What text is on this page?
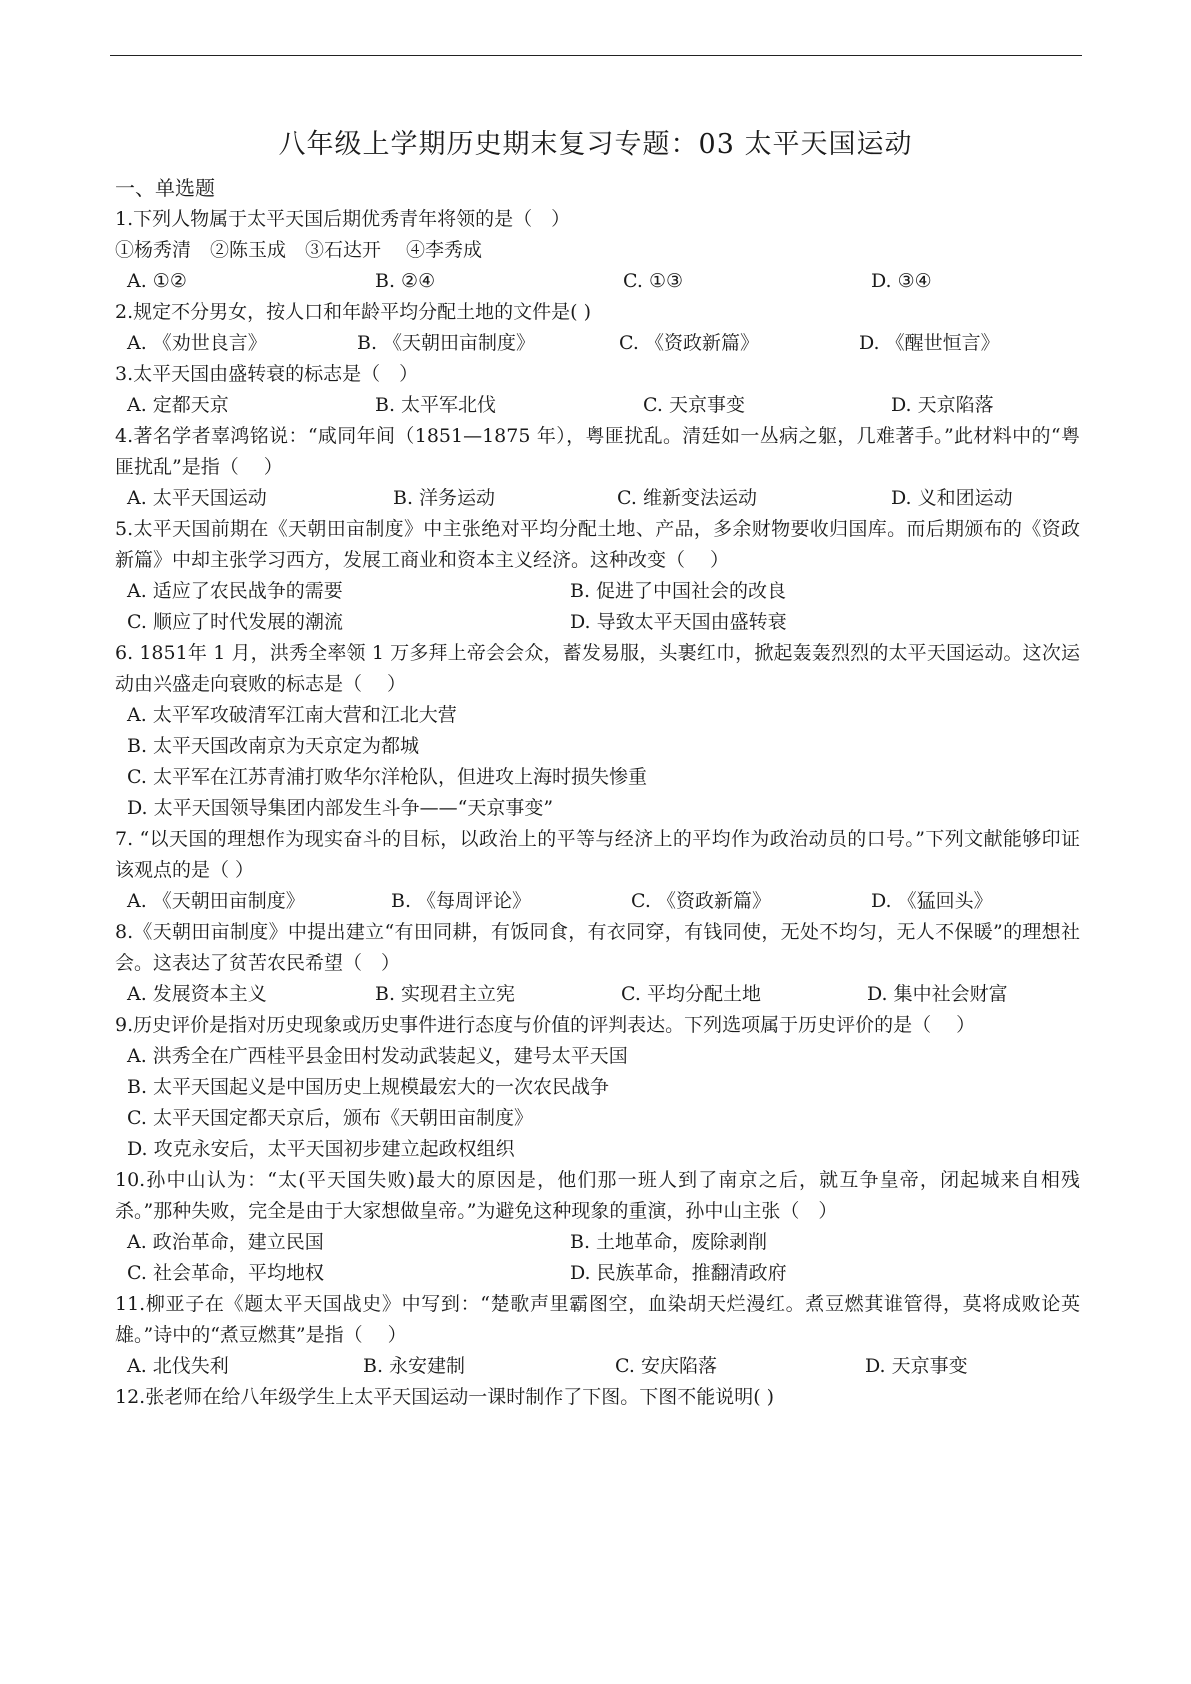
八年级上学期历史期末复习专题：03 太平天国运动
一、单选题

1.下列人物属于太平天国后期优秀青年将领的是（　）

①杨秀清　②陈玉成　③石达开　 ④李秀成

A. ①②	B. ②④	C. ①③	D. ③④

2.规定不分男女，按人口和年龄平均分配土地的文件是( )

A. 《劝世良言》	B. 《天朝田亩制度》	C. 《资政新篇》	D. 《醒世恒言》

3.太平天国由盛转衰的标志是（　）

A. 定都天京	B. 太平军北伐	C. 天京事变	D. 天京陷落

4.著名学者辜鸿铭说：“咸同年间（1851—1875 年），粤匪扰乱。清廷如一丛病之躯，几难著手。”此材料中的“粤匪扰乱”是指（　 ）

A. 太平天国运动	B. 洋务运动	C. 维新变法运动	D. 义和团运动

5.太平天国前期在《天朝田亩制度》中主张绝对平均分配土地、产品，多余财物要收归国库。而后期颁布的《资政新篇》中却主张学习西方，发展工商业和资本主义经济。这种改变（　 ）

A. 适应了农民战争的需要	B. 促进了中国社会的改良
C. 顺应了时代发展的潮流	D. 导致太平天国由盛转衰

6. 1851年 1 月，洪秀全率领 1 万多拜上帝会会众，蓄发易服，头裹红巾，掀起轰轰烈烈的太平天国运动。这次运动由兴盛走向衰败的标志是（　 ）

A. 太平军攻破清军江南大营和江北大营
B. 太平天国改南京为天京定为都城
C. 太平军在江苏青浦打败华尔洋枪队，但进攻上海时损失惨重
D. 太平天国领导集团内部发生斗争——“天京事变”

7. “以天国的理想作为现实奋斗的目标，以政治上的平等与经济上的平均作为政治动员的口号。”下列文献能够印证该观点的是（ ）

A. 《天朝田亩制度》	B. 《每周评论》	C. 《资政新篇》	D. 《猛回头》

8.《天朝田亩制度》中提出建立“有田同耕，有饭同食，有衣同穿，有钱同使，无处不均匀，无人不保暖”的理想社会。这表达了贫苦农民希望（　）

A. 发展资本主义	B. 实现君主立宪	C. 平均分配土地	D. 集中社会财富

9.历史评价是指对历史现象或历史事件进行态度与价值的评判表达。下列选项属于历史评价的是（　 ）

A. 洪秀全在广西桂平县金田村发动武装起义，建号太平天国
B. 太平天国起义是中国历史上规模最宏大的一次农民战争
C. 太平天国定都天京后，颁布《天朝田亩制度》
D. 攻克永安后，太平天国初步建立起政权组织

10.孙中山认为：“太(平天国失败)最大的原因是，他们那一班人到了南京之后，就互争皇帝，闭起城来自相残杀。”那种失败，完全是由于大家想做皇帝。”为避免这种现象的重演，孙中山主张（　）

A. 政治革命，建立民国	B. 土地革命，废除剥削
C. 社会革命，平均地权	D. 民族革命，推翻清政府

11.柳亚子在《题太平天国战史》中写到：“楚歌声里霸图空，血染胡天烂漫红。煮豆燃萁谁管得，莫将成败论英雄。”诗中的“煮豆燃萁”是指（　 ）

A. 北伐失利	B. 永安建制	C. 安庆陷落	D. 天京事变

12.张老师在给八年级学生上太平天国运动一课时制作了下图。下图不能说明( )
